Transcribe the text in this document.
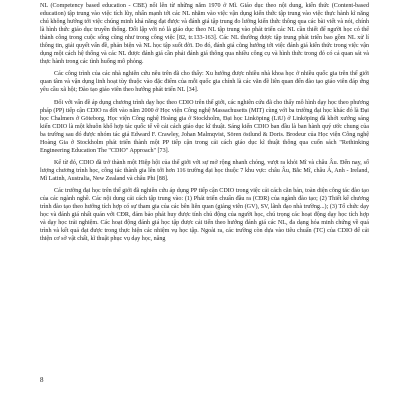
NL (Competency based education - CBE) nổi lên từ những năm 1970 ở Mĩ. Giáo dục theo nội dung, kiến thức (Content-based education) tập trung vào việc tích lũy, nhấn mạnh tới các NL nhằm vào việc vận dụng kiến thức tập trung vào việc thực hành kĩ năng chú không hướng tới việc chúng minh khả năng đạt được và đánh giá tập trung đo lường kiến thức thông qua các bài viết và nói, chính là hình thức giáo dục truyền thống. Đối lập với nó là giáo dục theo NL tập trung vào phát triển các NL cần thiết để người học có thể thành công trong cuộc sống cũng như trong công việc [82, tr.133-163]. Các NL thường được tập trung phát triển bao gồm NL xử lí thông tin, giải quyết vấn đề, phản biện và NL học tập suốt đời. Do đó, đánh giá cũng hướng tới việc đánh giá kiến thức trong việc vận dụng một cách hệ thống và các NL được đánh giá cần phải đánh giá thông qua nhiều công cụ và hình thức trong đó có cả quan sát và thực hành trong các tình huống mô phỏng.

Các công trình của các nhà nghiên cứu nêu trên đã cho thấy: Xu hướng được nhiều nhà khoa học ở nhiều quốc gia trên thế giới quan tâm và vận dụng linh hoạt tùy thuộc vào đặc điểm của mỗi quốc gia chính là các văn đề liên quan đến đào tạo giáo viên đáp ứng yêu cầu xã hội; Đào tạo giáo viên theo hướng phát triển NL [34].

Đối với vấn đề áp dụng chương trình dạy học theo CDIO trên thế giới, các nghiên cứu đã cho thấy mô hình dạy học theo phương pháp (PP) tiếp cận CDIO ra đời vào năm 2000 ở Học viện Công nghệ Massachusetts (MIT) cùng với ba trường đại học khác đó là Đại học Chalmers ở Göteborg, Học viện Công nghệ Hoàng gia ở Stockholm, Đại học Linköping (LiU) ở Linköping đã khởi xướng sáng kiến CDIO là một khuôn khổ hợp tác quốc tế về cải cách giáo dục kĩ thuật. Sáng kiến CDIO ban đầu là ban hành quý ước chung của ba trường sau đó được nhóm tác giả Edward F. Crawley, Johan Malmqvist, Sören östlund & Doris. Brodeur của Học viện Công nghệ Hoàng Gia ở Stockholm phát triển thành một PP tiếp cận trong cải cách giáo dục kĩ thuật thông qua cuốn sách "Rethinking Engineering Education The "CDIO" Approach" [73].

Kể từ đó, CDIO đã trở thành một Hiệp hội của thế giới với sự mở rộng nhanh chóng, vượt ra khỏi Mĩ và châu Âu. Đến nay, số lượng chương trình học, công tác thành gia lên tới hơn 116 trường đại học thuộc 7 khu vực: châu Âu, Bắc Mĩ, châu Á, Anh - Ireland, Mĩ Latinh, Australia, New Zealand và châu Phi [88].

Các trường đại học trên thế giới đã nghiên cứu áp dụng PP tiếp cận CDIO trong việc cải cách căn bản, toàn diện công tác đào tạo của các ngành nghề. Các nội dung cải cách tập trung vào: (1) Phát triển chuẩn đầu ra (CĐR) của ngành đào tạo; (2) Thiết kế chương trình đào tạo theo hướng tích hợp có sự tham gia của các bên liên quan (giảng viên (GV), SV, lãnh đạo nhà trường...); (3) Tổ chức dạy học và đánh giá nhất quán với CĐR, đảm bảo phát huy được tính chủ động của người học, chú trọng các hoạt động dạy học tích hợp và dạy học trải nghiệm. Các hoạt động đánh giá học tập được cải tiến theo hướng đánh giá các NL, đa dạng hóa minh chứng về quá trình và kết quả đạt được trong thực hiện các nhiệm vụ học tập. Ngoài ra, các trường còn dựa vào tiêu chuẩn (TC) của CDIO để cải thiện cơ sở vật chất, kĩ thuật phục vụ dạy học, nâng

8
